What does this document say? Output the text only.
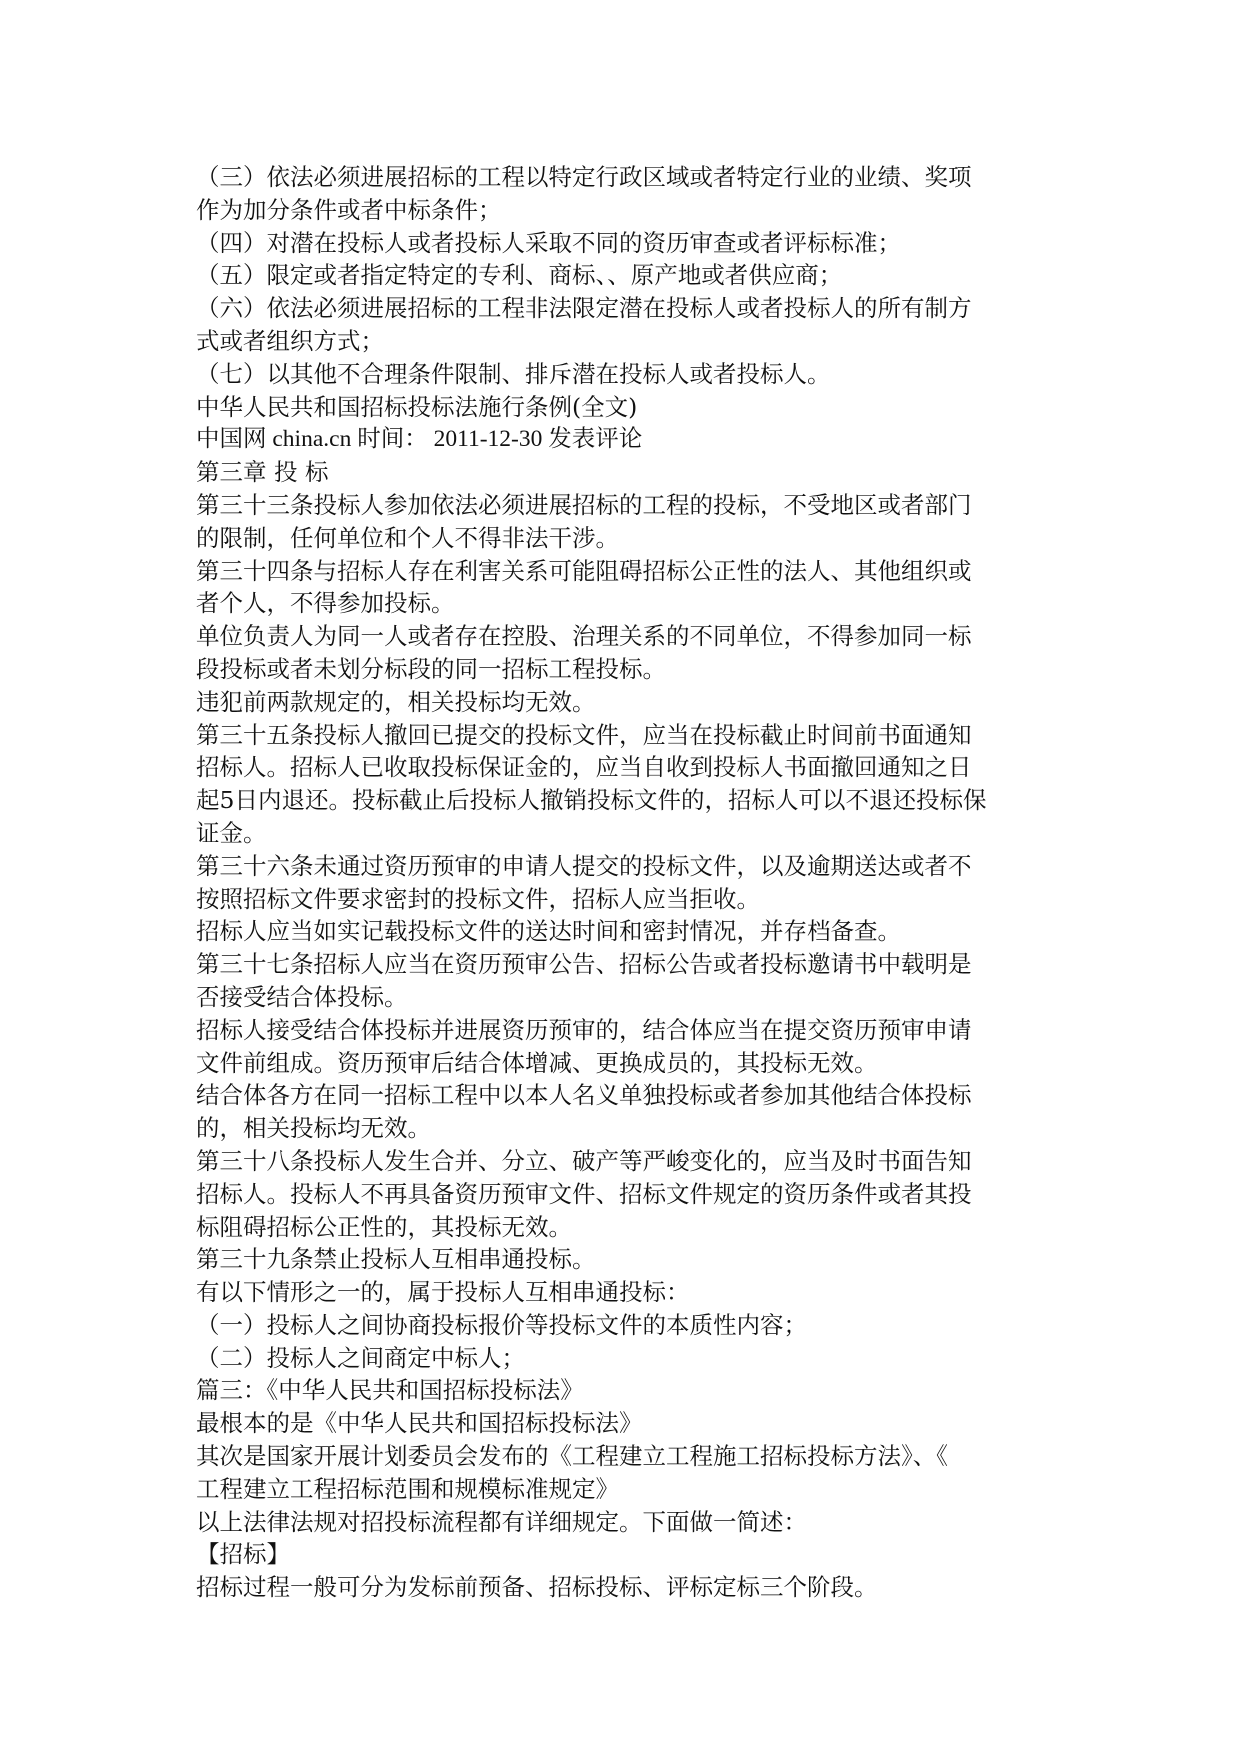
（三）依法必须进展招标的工程以特定行政区域或者特定行业的业绩、奖项
作为加分条件或者中标条件；
（四）对潜在投标人或者投标人采取不同的资历审查或者评标标准；
（五）限定或者指定特定的专利、商标、、原产地或者供应商；
（六）依法必须进展招标的工程非法限定潜在投标人或者投标人的所有制方
式或者组织方式；
（七）以其他不合理条件限制、排斥潜在投标人或者投标人。
中华人民共和国招标投标法施行条例(全文)
中国网 china.cn 时间： 2011-12-30 发表评论
第三章 投 标
第三十三条投标人参加依法必须进展招标的工程的投标，不受地区或者部门
的限制，任何单位和个人不得非法干涉。
第三十四条与招标人存在利害关系可能阻碍招标公正性的法人、其他组织或
者个人，不得参加投标。
单位负责人为同一人或者存在控股、治理关系的不同单位，不得参加同一标
段投标或者未划分标段的同一招标工程投标。
违犯前两款规定的，相关投标均无效。
第三十五条投标人撤回已提交的投标文件，应当在投标截止时间前书面通知
招标人。招标人已收取投标保证金的，应当自收到投标人书面撤回通知之日
起5日内退还。投标截止后投标人撤销投标文件的，招标人可以不退还投标保
证金。
第三十六条未通过资历预审的申请人提交的投标文件，以及逾期送达或者不
按照招标文件要求密封的投标文件，招标人应当拒收。
招标人应当如实记载投标文件的送达时间和密封情况，并存档备查。
第三十七条招标人应当在资历预审公告、招标公告或者投标邀请书中载明是
否接受结合体投标。
招标人接受结合体投标并进展资历预审的，结合体应当在提交资历预审申请
文件前组成。资历预审后结合体增减、更换成员的，其投标无效。
结合体各方在同一招标工程中以本人名义单独投标或者参加其他结合体投标
的，相关投标均无效。
第三十八条投标人发生合并、分立、破产等严峻变化的，应当及时书面告知
招标人。投标人不再具备资历预审文件、招标文件规定的资历条件或者其投
标阻碍招标公正性的，其投标无效。
第三十九条禁止投标人互相串通投标。
有以下情形之一的，属于投标人互相串通投标：
（一）投标人之间协商投标报价等投标文件的本质性内容；
（二）投标人之间商定中标人；
篇三：《中华人民共和国招标投标法》
最根本的是《中华人民共和国招标投标法》
其次是国家开展计划委员会发布的《工程建立工程施工招标投标方法》、《
工程建立工程招标范围和规模标准规定》
以上法律法规对招投标流程都有详细规定。下面做一简述：
【招标】
招标过程一般可分为发标前预备、招标投标、评标定标三个阶段。
